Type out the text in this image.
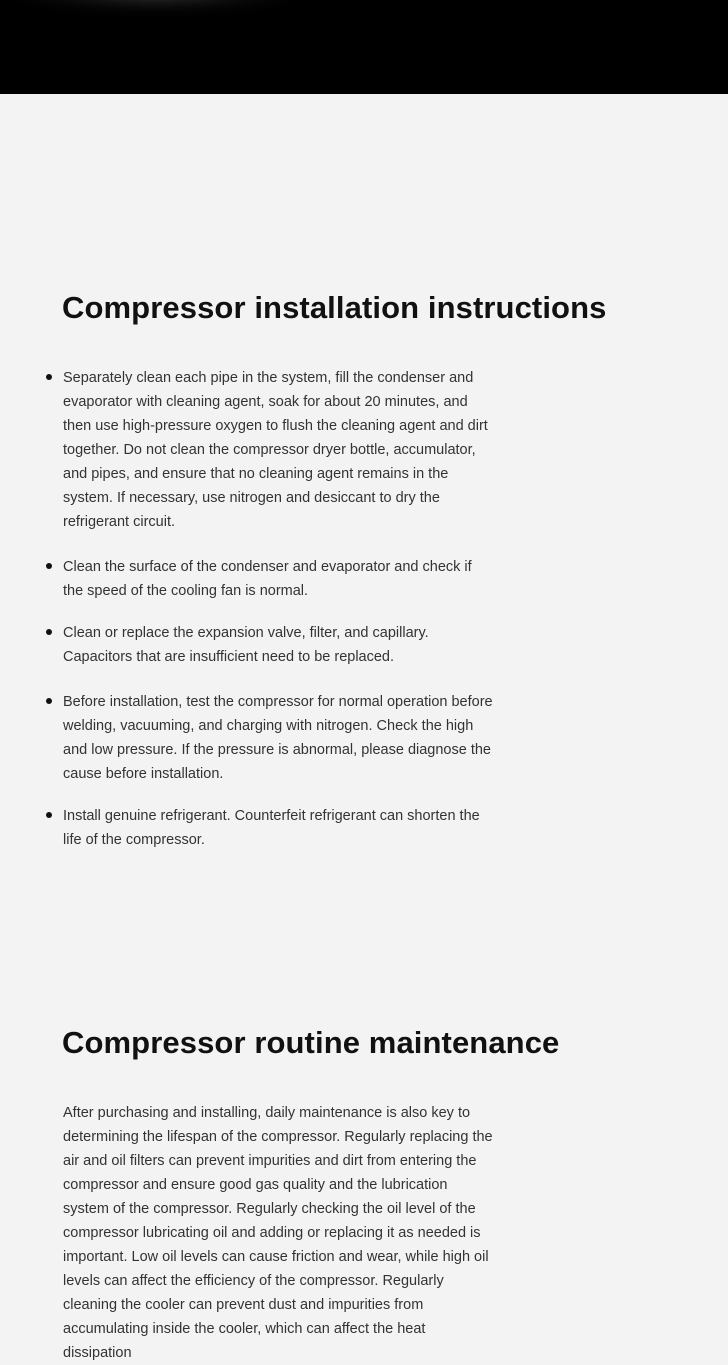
Compressor installation instructions
Separately clean each pipe in the system, fill the condenser and evaporator with cleaning agent, soak for about 20 minutes, and then use high-pressure oxygen to flush the cleaning agent and dirt together. Do not clean the compressor dryer bottle, accumulator, and pipes, and ensure that no cleaning agent remains in the system. If necessary, use nitrogen and desiccant to dry the refrigerant circuit.
Clean the surface of the condenser and evaporator and check if the speed of the cooling fan is normal.
Clean or replace the expansion valve, filter, and capillary. Capacitors that are insufficient need to be replaced.
Before installation, test the compressor for normal operation before welding, vacuuming, and charging with nitrogen. Check the high and low pressure. If the pressure is abnormal, please diagnose the cause before installation.
Install genuine refrigerant. Counterfeit refrigerant can shorten the life of the compressor.
Compressor routine maintenance

After purchasing and installing, daily maintenance is also key to determining the lifespan of the compressor. Regularly replacing the air and oil filters can prevent impurities and dirt from entering the compressor and ensure good gas quality and the lubrication system of the compressor. Regularly checking the oil level of the compressor lubricating oil and adding or replacing it as needed is important. Low oil levels can cause friction and wear, while high oil levels can affect the efficiency of the compressor. Regularly cleaning the cooler can prevent dust and impurities from accumulating inside the cooler, which can affect the heat dissipation
